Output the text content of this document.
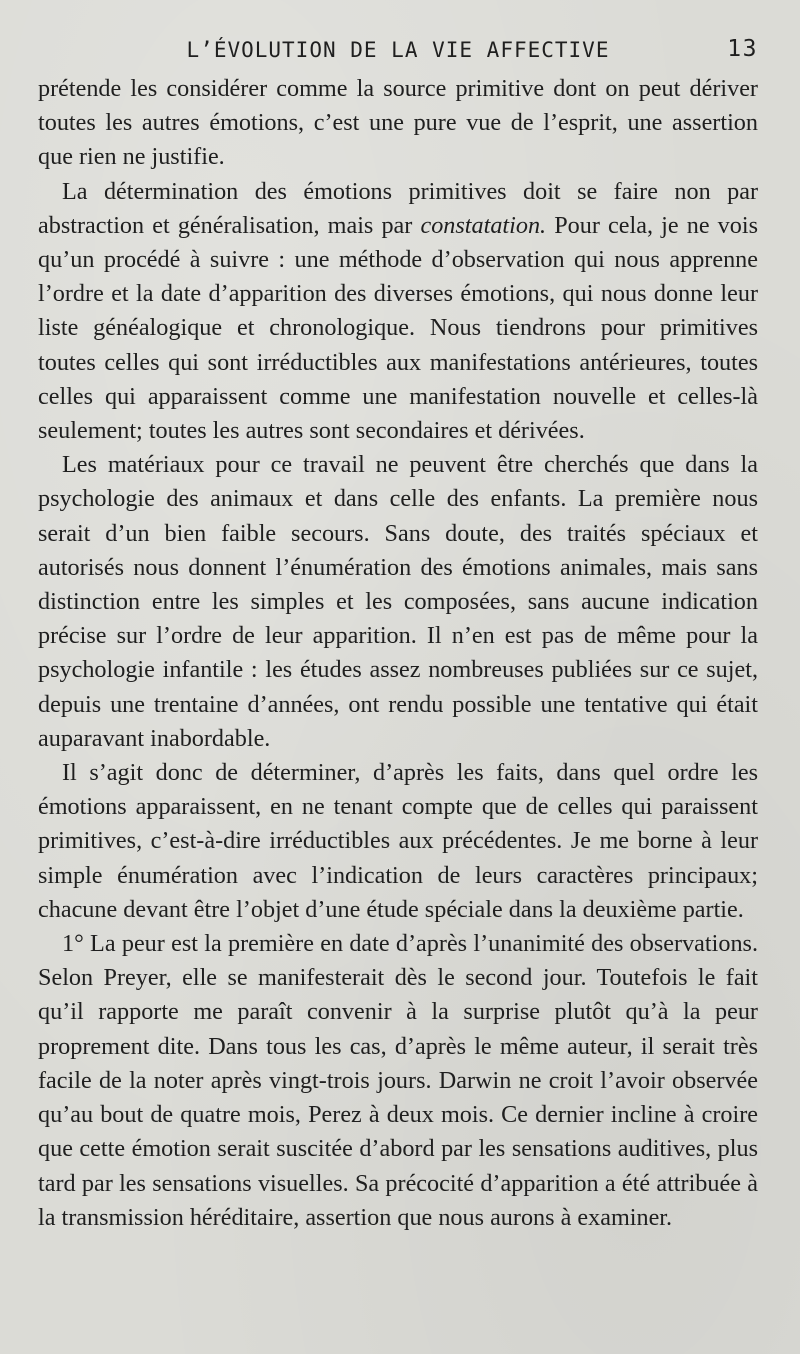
L’ÉVOLUTION DE LA VIE AFFECTIVE	13

prétende les considérer comme la source primitive dont on peut dériver toutes les autres émotions, c’est une pure vue de l’esprit, une assertion que rien ne justifie.

La détermination des émotions primitives doit se faire non par abstraction et généralisation, mais par constatation. Pour cela, je ne vois qu’un procédé à suivre : une méthode d’observation qui nous apprenne l’ordre et la date d’apparition des diverses émotions, qui nous donne leur liste généalogique et chronologique. Nous tiendrons pour primitives toutes celles qui sont irréductibles aux manifestations antérieures, toutes celles qui apparaissent comme une manifestation nouvelle et celles-là seulement; toutes les autres sont secondaires et dérivées.

Les matériaux pour ce travail ne peuvent être cherchés que dans la psychologie des animaux et dans celle des enfants. La première nous serait d’un bien faible secours. Sans doute, des traités spéciaux et autorisés nous donnent l’énumération des émotions animales, mais sans distinction entre les simples et les composées, sans aucune indication précise sur l’ordre de leur apparition. Il n’en est pas de même pour la psychologie infantile : les études assez nombreuses publiées sur ce sujet, depuis une trentaine d’années, ont rendu possible une tentative qui était auparavant inabordable.

Il s’agit donc de déterminer, d’après les faits, dans quel ordre les émotions apparaissent, en ne tenant compte que de celles qui paraissent primitives, c’est-à-dire irréductibles aux précédentes. Je me borne à leur simple énumération avec l’indication de leurs caractères principaux; chacune devant être l’objet d’une étude spéciale dans la deuxième partie.

1° La peur est la première en date d’après l’unanimité des observations. Selon Preyer, elle se manifesterait dès le second jour. Toutefois le fait qu’il rapporte me paraît convenir à la surprise plutôt qu’à la peur proprement dite. Dans tous les cas, d’après le même auteur, il serait très facile de la noter après vingt-trois jours. Darwin ne croit l’avoir observée qu’au bout de quatre mois, Perez à deux mois. Ce dernier incline à croire que cette émotion serait suscitée d’abord par les sensations auditives, plus tard par les sensations visuelles. Sa précocité d’apparition a été attribuée à la transmission héréditaire, assertion que nous aurons à examiner.
